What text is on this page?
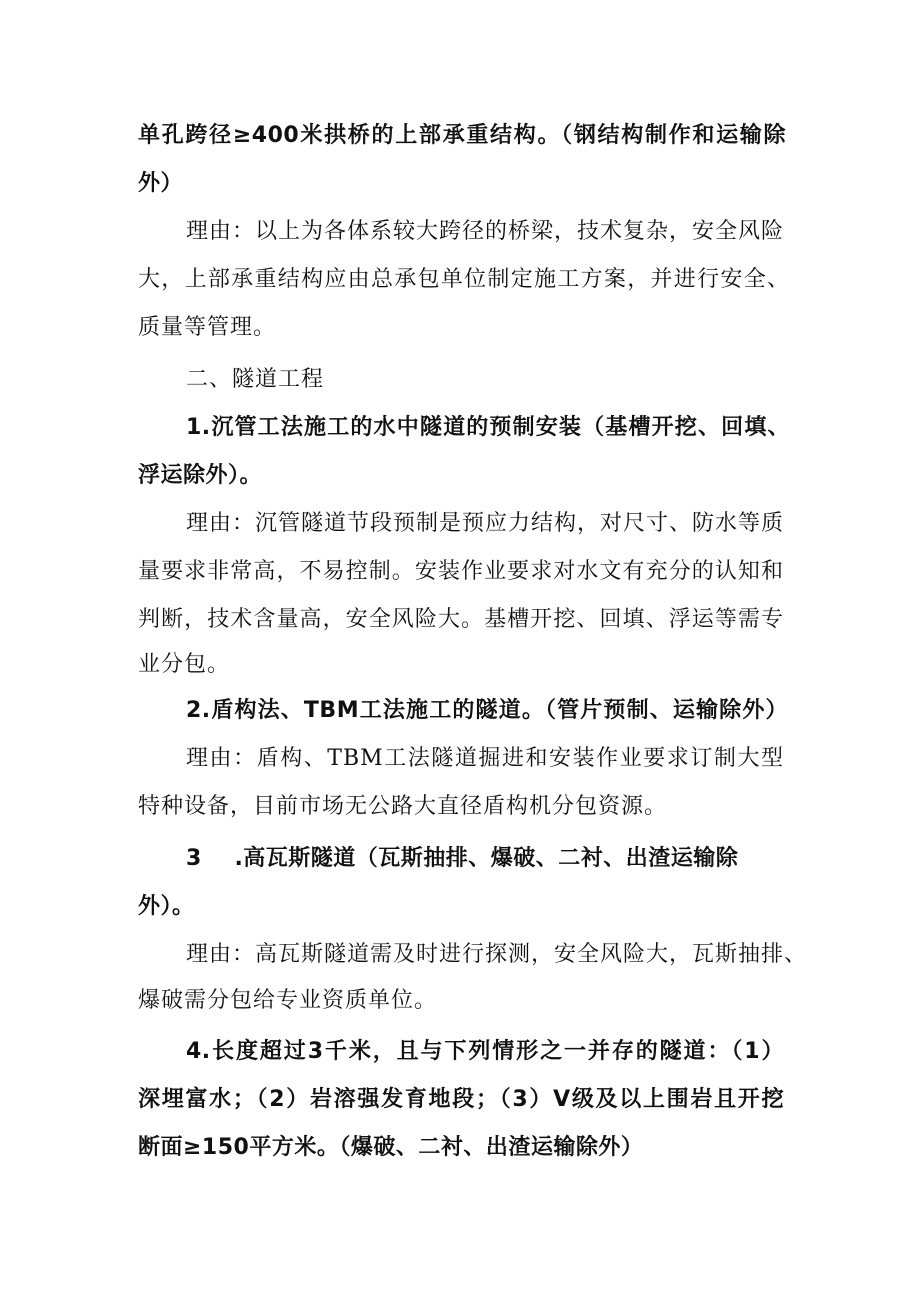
单孔跨径≥400米拱桥的上部承重结构。（钢结构制作和运输除
外）
理由：以上为各体系较大跨径的桥梁，技术复杂，安全风险
大，上部承重结构应由总承包单位制定施工方案，并进行安全、
质量等管理。
二、隧道工程
1.沉管工法施工的水中隧道的预制安装（基槽开挖、回填、
浮运除外）。
理由：沉管隧道节段预制是预应力结构，对尺寸、防水等质
量要求非常高，不易控制。安装作业要求对水文有充分的认知和
判断，技术含量高，安全风险大。基槽开挖、回填、浮运等需专
业分包。
2.盾构法、TBM工法施工的隧道。（管片预制、运输除外）
理由：盾构、TBM工法隧道掘进和安装作业要求订制大型
特种设备，目前市场无公路大直径盾构机分包资源。
3    .高瓦斯隧道（瓦斯抽排、爆破、二衬、出渣运输除
外）。
理由：高瓦斯隧道需及时进行探测，安全风险大，瓦斯抽排、
爆破需分包给专业资质单位。
4.长度超过3千米，且与下列情形之一并存的隧道：（1）
深埋富水；（2）岩溶强发育地段；（3）V级及以上围岩且开挖
断面≥150平方米。（爆破、二衬、出渣运输除外）
